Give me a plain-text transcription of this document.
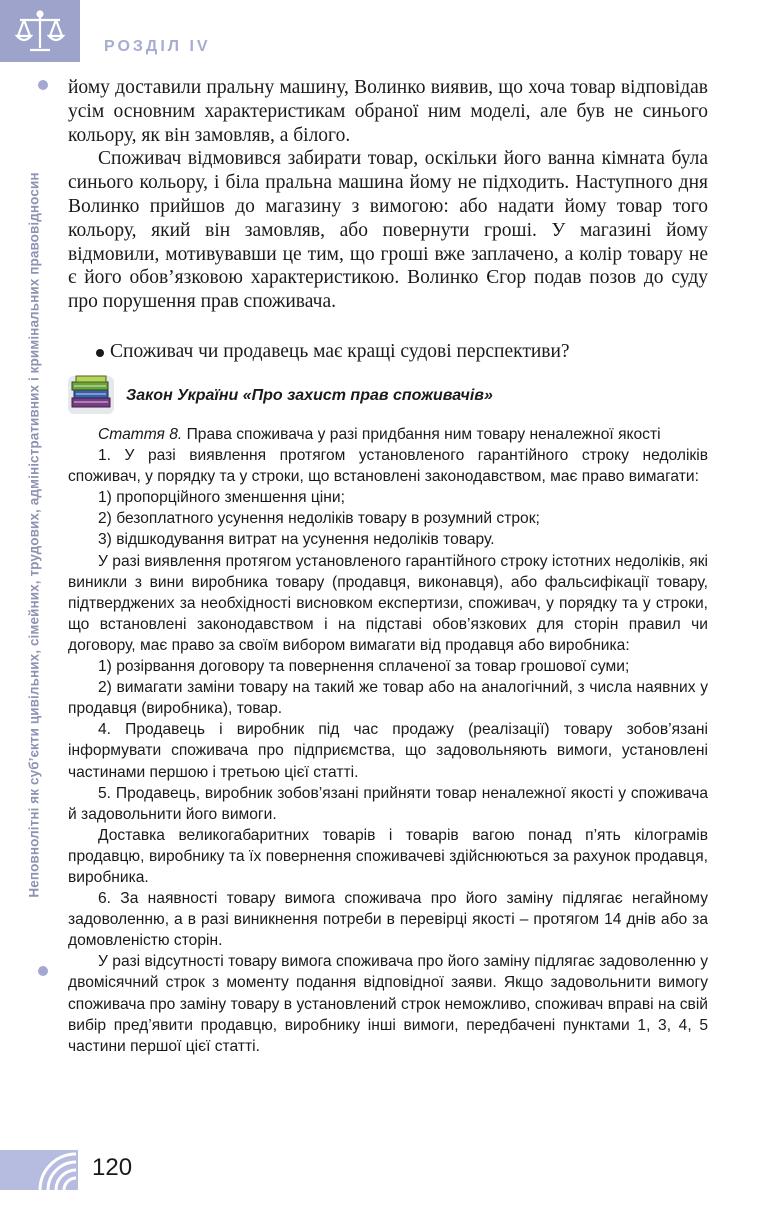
РОЗДІЛ IV
Неповнолітні як суб’єкти цивільних, сімейних, трудових, адміністративних і кримінальних правовідносин

йому доставили пральну машину, Волинко виявив, що хоча товар відповідав усім основним характеристикам обраної ним моделі, але був не синього кольору, як він замовляв, а білого.

Споживач відмовився забирати товар, оскільки його ванна кімната була синього кольору, і біла пральна машина йому не підходить. Наступного дня Волинко прийшов до магазину з вимогою: або надати йому товар того кольору, який він замовляв, або повернути гроші. У магазині йому відмовили, мотивувавши це тим, що гроші вже заплачено, а колір товару не є його обов’язковою характеристикою. Волинко Єгор подав позов до суду про порушення прав споживача.

Споживач чи продавець має кращі судові перспективи?
Закон України «Про захист прав споживачів»

Стаття 8. Права споживача у разі придбання ним товару неналежної якості

1. У разі виявлення протягом установленого гарантійного строку недоліків споживач, у порядку та у строки, що встановлені законодавством, має право вимагати:

1) пропорційного зменшення ціни;

2) безоплатного усунення недоліків товару в розумний строк;

3) відшкодування витрат на усунення недоліків товару.

У разі виявлення протягом установленого гарантійного строку істотних недоліків, які виникли з вини виробника товару (продавця, виконавця), або фальсифікації товару, підтверджених за необхідності висновком експертизи, споживач, у порядку та у строки, що встановлені законодавством і на підставі обов’язкових для сторін правил чи договору, має право за своїм вибором вимагати від продавця або виробника:

1) розірвання договору та повернення сплаченої за товар грошової суми;

2) вимагати заміни товару на такий же товар або на аналогічний, з числа наявних у продавця (виробника), товар.

4. Продавець і виробник під час продажу (реалізації) товару зобов’язані інформувати споживача про підприємства, що задовольняють вимоги, установлені частинами першою і третьою цієї статті.

5. Продавець, виробник зобов’язані прийняти товар неналежної якості у споживача й задовольнити його вимоги.

Доставка великогабаритних товарів і товарів вагою понад п’ять кілограмів продавцю, виробнику та їх повернення споживачеві здійснюються за рахунок продавця, виробника.

6. За наявності товару вимога споживача про його заміну підлягає негайному задоволенню, а в разі виникнення потреби в перевірці якості – протягом 14 днів або за домовленістю сторін.

У разі відсутності товару вимога споживача про його заміну підлягає задоволенню у двомісячний строк з моменту подання відповідної заяви. Якщо задовольнити вимогу споживача про заміну товару в установлений строк неможливо, споживач вправі на свій вибір пред’явити продавцю, виробнику інші вимоги, передбачені пунктами 1, 3, 4, 5 частини першої цієї статті.

120
